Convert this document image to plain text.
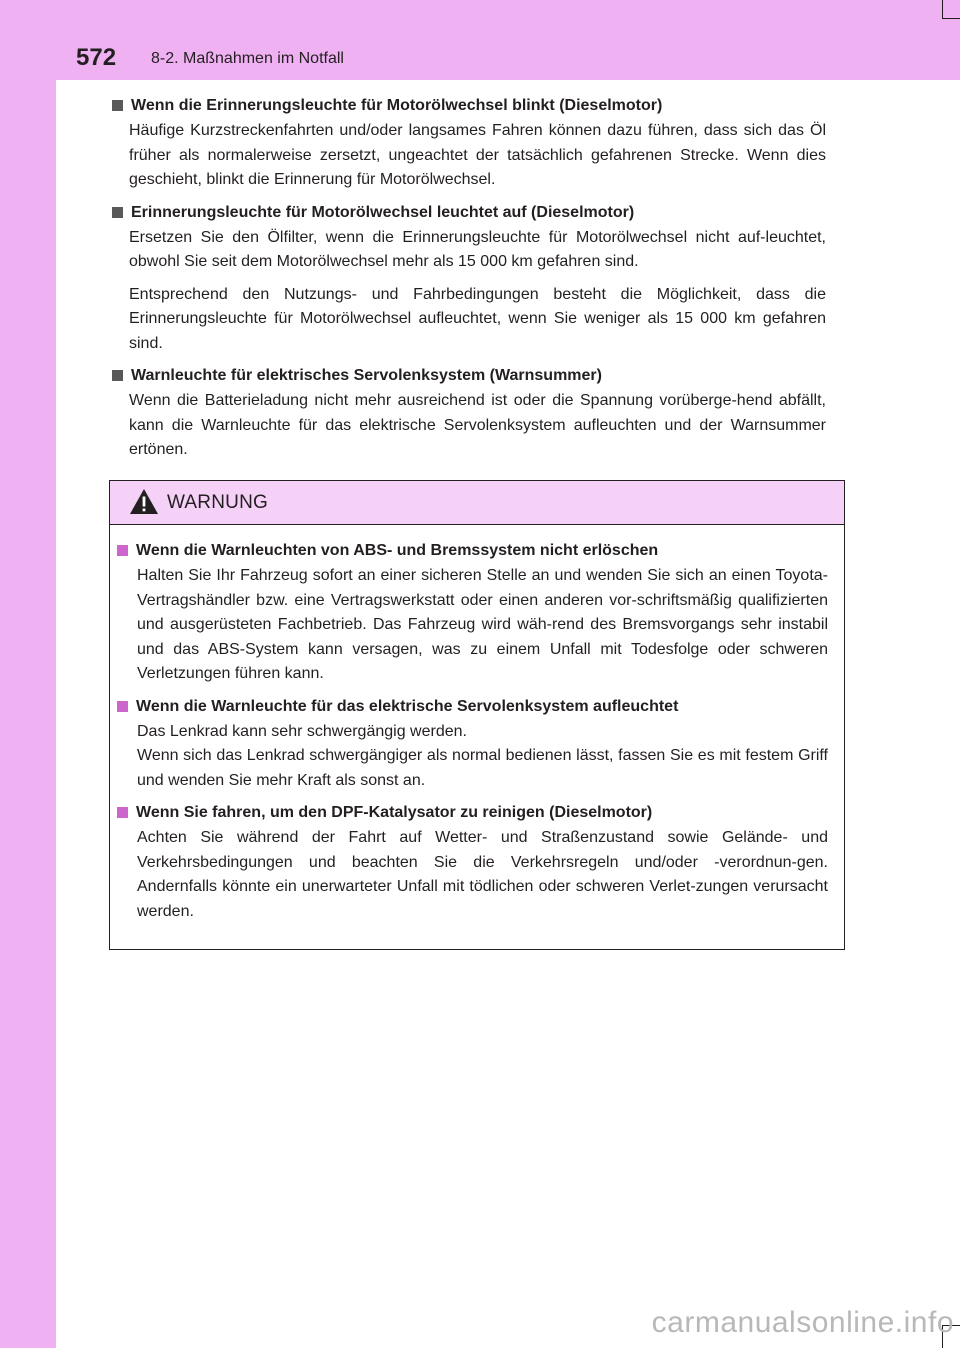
572 8-2. Maßnahmen im Notfall
Wenn die Erinnerungsleuchte für Motorölwechsel blinkt (Dieselmotor)

Häufige Kurzstreckenfahrten und/oder langsames Fahren können dazu führen, dass sich das Öl früher als normalerweise zersetzt, ungeachtet der tatsächlich gefahrenen Strecke. Wenn dies geschieht, blinkt die Erinnerung für Motorölwechsel.

Erinnerungsleuchte für Motorölwechsel leuchtet auf (Dieselmotor)

Ersetzen Sie den Ölfilter, wenn die Erinnerungsleuchte für Motorölwechsel nicht auf-leuchtet, obwohl Sie seit dem Motorölwechsel mehr als 15 000 km gefahren sind.

Entsprechend den Nutzungs- und Fahrbedingungen besteht die Möglichkeit, dass die Erinnerungsleuchte für Motorölwechsel aufleuchtet, wenn Sie weniger als 15 000 km gefahren sind.

Warnleuchte für elektrisches Servolenksystem (Warnsummer)

Wenn die Batterieladung nicht mehr ausreichend ist oder die Spannung vorüberge-hend abfällt, kann die Warnleuchte für das elektrische Servolenksystem aufleuchten und der Warnsummer ertönen.

WARNUNG
Wenn die Warnleuchten von ABS- und Bremssystem nicht erlöschen

Halten Sie Ihr Fahrzeug sofort an einer sicheren Stelle an und wenden Sie sich an einen Toyota-Vertragshändler bzw. eine Vertragswerkstatt oder einen anderen vor-schriftsmäßig qualifizierten und ausgerüsteten Fachbetrieb. Das Fahrzeug wird wäh-rend des Bremsvorgangs sehr instabil und das ABS-System kann versagen, was zu einem Unfall mit Todesfolge oder schweren Verletzungen führen kann.

Wenn die Warnleuchte für das elektrische Servolenksystem aufleuchtet

Das Lenkrad kann sehr schwergängig werden.

Wenn sich das Lenkrad schwergängiger als normal bedienen lässt, fassen Sie es mit festem Griff und wenden Sie mehr Kraft als sonst an.

Wenn Sie fahren, um den DPF-Katalysator zu reinigen (Dieselmotor)

Achten Sie während der Fahrt auf Wetter- und Straßenzustand sowie Gelände- und Verkehrsbedingungen und beachten Sie die Verkehrsregeln und/oder -verordnun-gen. Andernfalls könnte ein unerwarteter Unfall mit tödlichen oder schweren Verlet-zungen verursacht werden.

carmanualsonline.info
